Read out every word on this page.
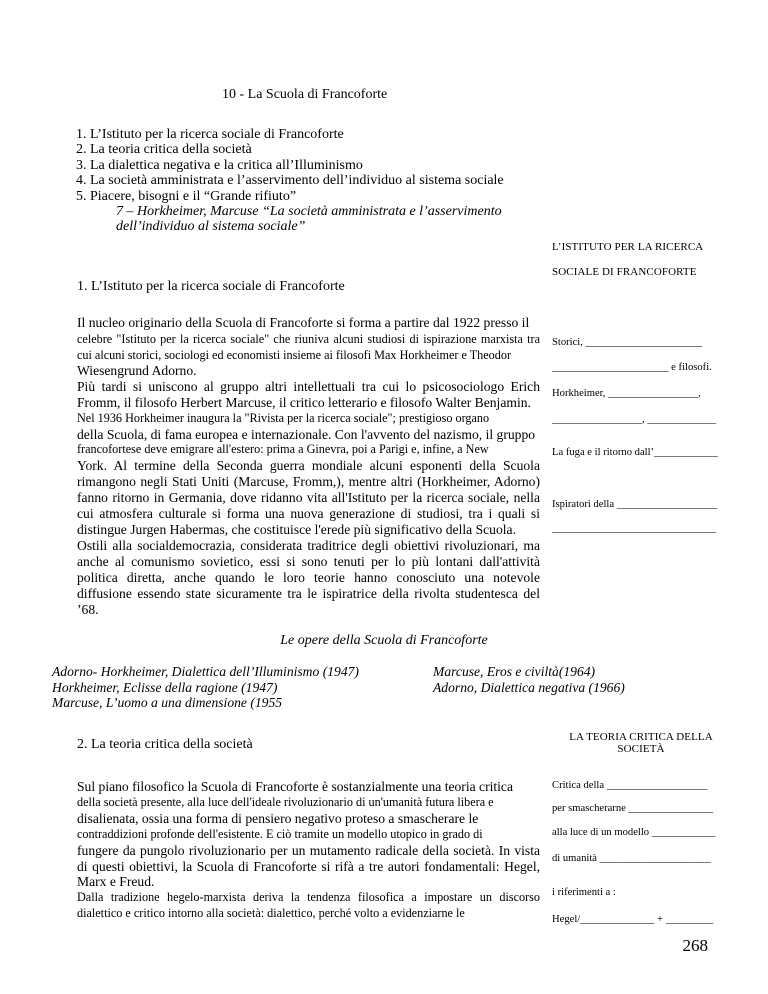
10 - La Scuola di Francoforte
1. L’Istituto per la ricerca sociale di Francoforte
2. La teoria critica della società
3. La dialettica negativa e la critica all’Illuminismo
4. La società amministrata e l’asservimento dell’individuo al sistema sociale
5. Piacere, bisogni e il “Grande rifiuto”
7 – Horkheimer, Marcuse “La società amministrata e l’asservimento
dell’individuo al sistema sociale”
L’ISTITUTO PER LA RICERCA
SOCIALE DI FRANCOFORTE
1. L’Istituto per la ricerca sociale di Francoforte

Il nucleo originario della Scuola di Francoforte si forma a partire dal 1922 presso il

celebre "Istituto per la ricerca sociale" che riuniva alcuni studiosi di ispirazione marxista tra cui alcuni storici, sociologi ed economisti insieme ai filosofi Max Horkheimer e Theodor

Wiesengrund Adorno.

Più tardi si uniscono al gruppo altri intellettuali tra cui lo psicosociologo Erich Fromm, il filosofo Herbert Marcuse, il critico letterario e filosofo Walter Benjamin.

Nel 1936 Horkheimer inaugura la "Rivista per la ricerca sociale"; prestigioso organo

della Scuola, di fama europea e internazionale. Con l'avvento del nazismo, il gruppo

francofortese deve emigrare all'estero: prima a Ginevra, poi a Parigi e, infine, a New

York. Al termine della Seconda guerra mondiale alcuni esponenti della Scuola rimangono negli Stati Uniti (Marcuse, Fromm,), mentre altri (Horkheimer, Adorno) fanno ritorno in Germania, dove ridanno vita all'Istituto per la ricerca sociale, nella cui atmosfera culturale si forma una nuova generazione di studiosi, tra i quali si distingue Jurgen Habermas, che costituisce l'erede più significativo della Scuola.

Ostili alla socialdemocrazia, considerata traditrice degli obiettivi rivoluzionari, ma anche al comunismo sovietico, essi si sono tenuti per lo più lontani dall'attività politica diretta, anche quando le loro teorie hanno conosciuto una notevole diffusione essendo state sicuramente tra le ispiratrice della rivolta studentesca del ’68.

Storici, ______________________
______________________ e filosofi.
Horkheimer, _________________,
_________________, _____________
La fuga e il ritorno dall’____________
Ispiratori della ___________________
_______________________________
Le opere della Scuola di Francoforte
Adorno- Horkheimer, Dialettica dell’Illuminismo (1947)
Horkheimer, Eclisse della ragione (1947)
Marcuse, L’uomo a una dimensione (1955
Marcuse, Eros e civiltà(1964)
Adorno, Dialettica negativa (1966)
LA TEORIA CRITICA DELLA
SOCIETÀ
2. La teoria critica della società

Sul piano filosofico la Scuola di Francoforte è sostanzialmente una teoria critica

della società presente, alla luce dell'ideale rivoluzionario di un'umanità futura libera e

disalienata, ossia una forma di pensiero negativo proteso a smascherare le

contraddizioni profonde dell'esistente. E ciò tramite un modello utopico in grado di

fungere da pungolo rivoluzionario per un mutamento radicale della società. In vista di questi obiettivi, la Scuola di Francoforte si rifà a tre autori fondamentali: Hegel, Marx e Freud.

Dalla tradizione hegelo-marxista deriva la tendenza filosofica a impostare un discorso dialettico e critico intorno alla società: dialettico, perché volto a evidenziarne le

Critica della ___________________
per smascherarne ________________
alla luce di un modello ____________
di umanità _____________________
i riferimenti a :
Hegel/______________ + _________
268
